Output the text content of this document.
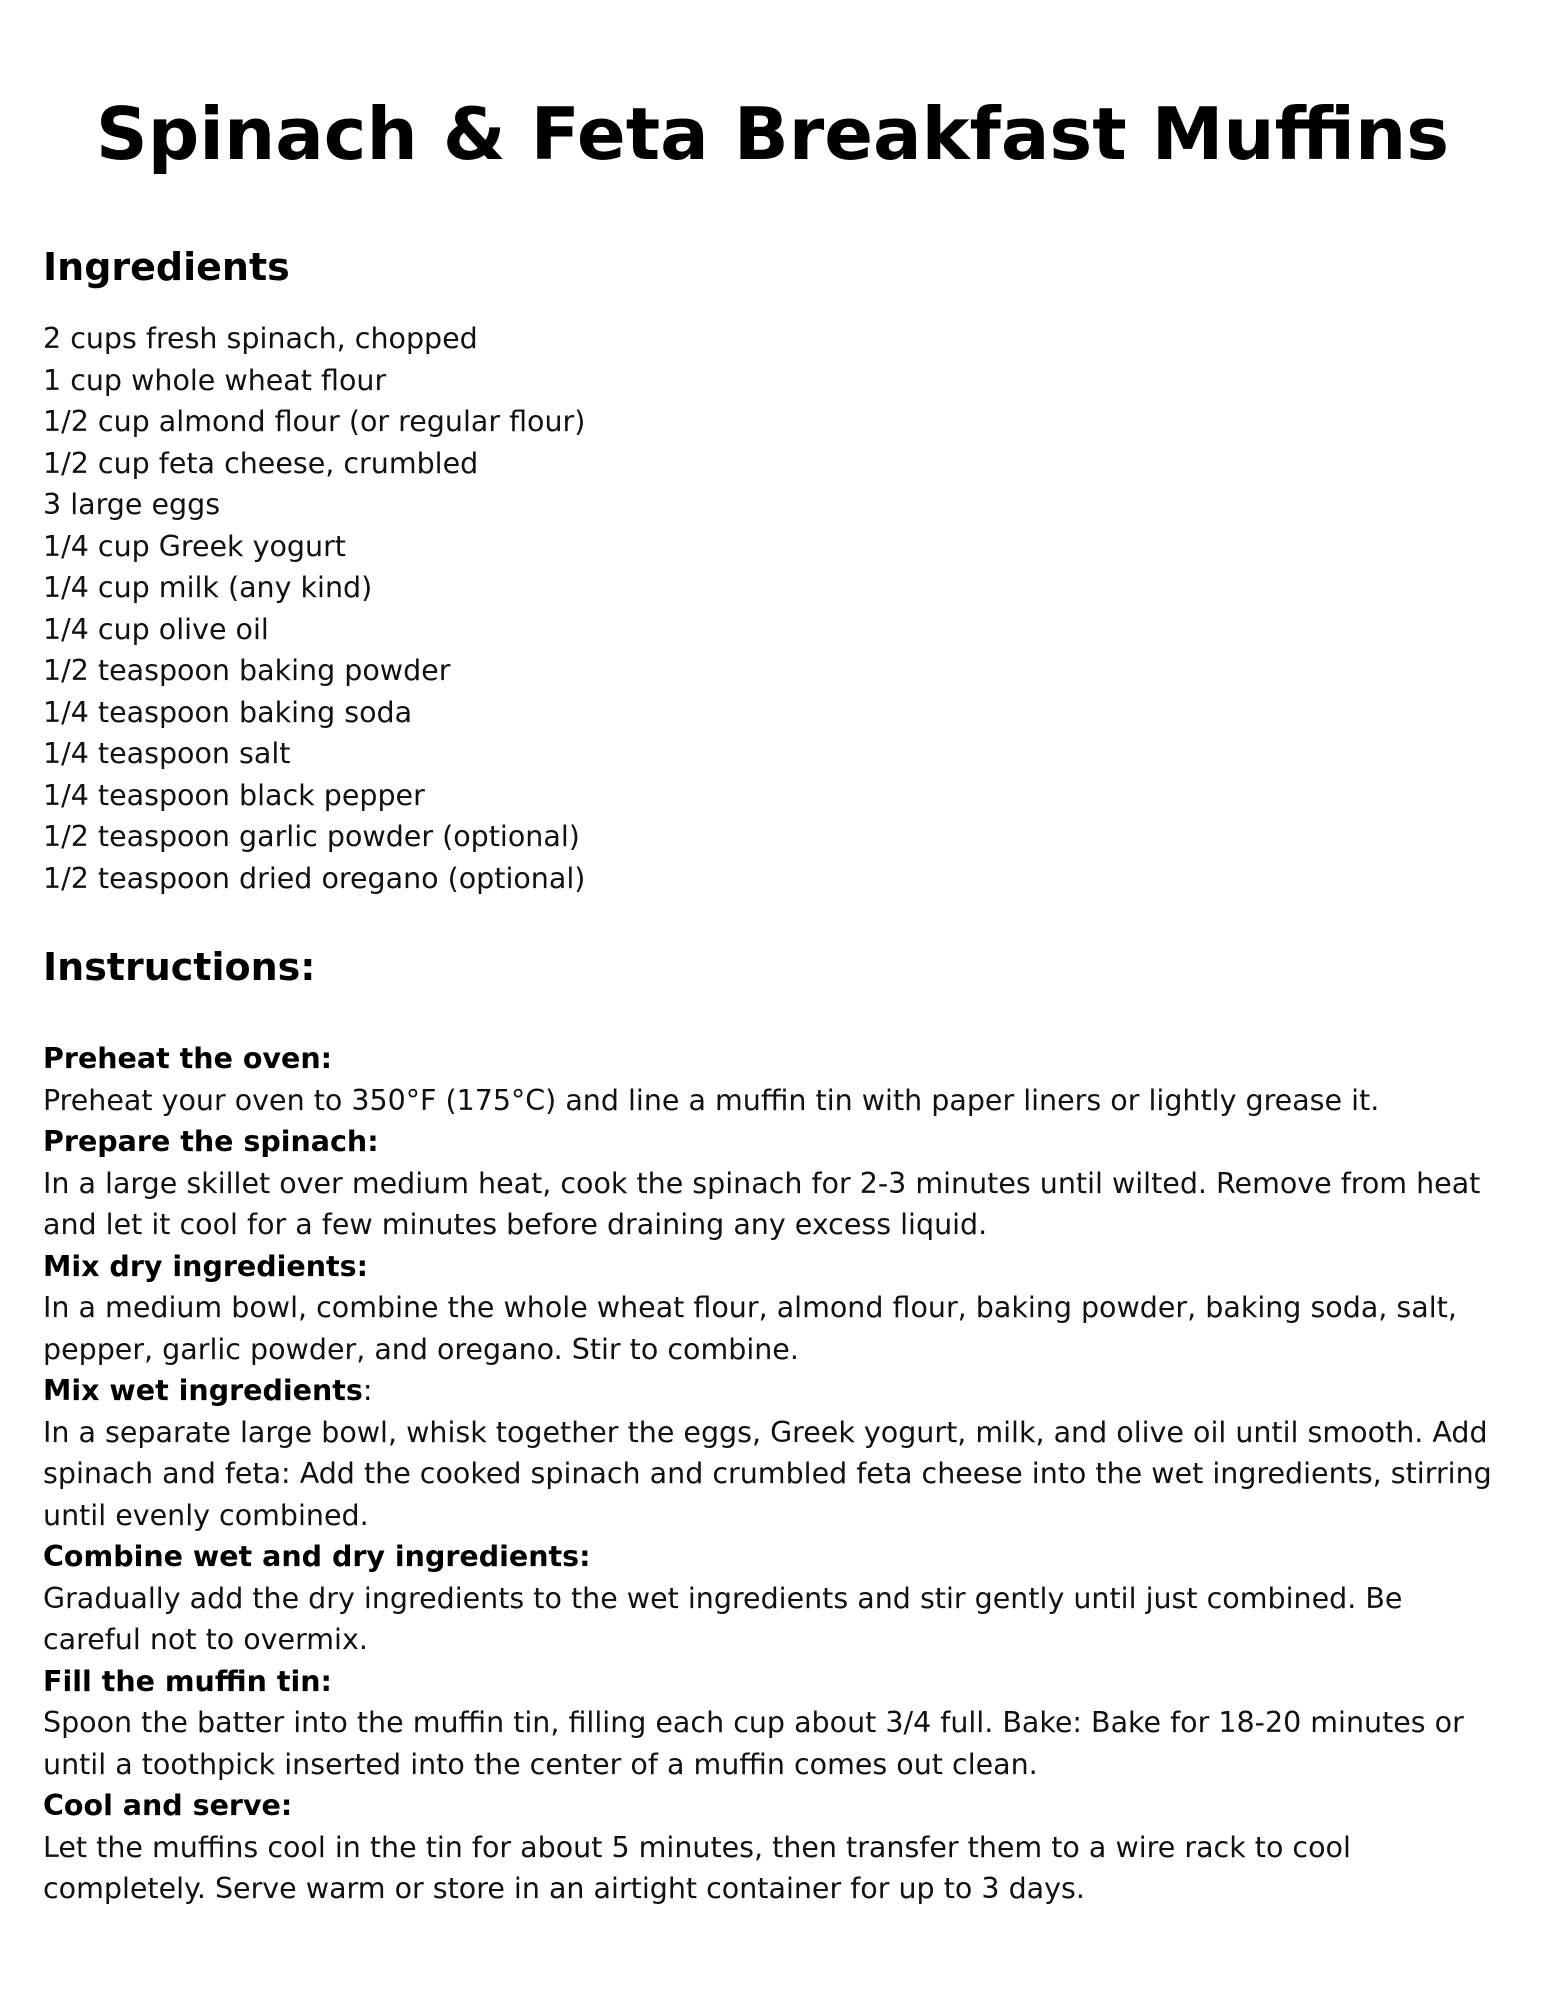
Spinach & Feta Breakfast Muffins
Ingredients
2 cups fresh spinach, chopped
1 cup whole wheat flour
1/2 cup almond flour (or regular flour)
1/2 cup feta cheese, crumbled
3 large eggs
1/4 cup Greek yogurt
1/4 cup milk (any kind)
1/4 cup olive oil
1/2 teaspoon baking powder
1/4 teaspoon baking soda
1/4 teaspoon salt
1/4 teaspoon black pepper
1/2 teaspoon garlic powder (optional)
1/2 teaspoon dried oregano (optional)
Instructions:
Preheat the oven:

Preheat your oven to 350°F (175°C) and line a muffin tin with paper liners or lightly grease it.

Prepare the spinach:

In a large skillet over medium heat, cook the spinach for 2-3 minutes until wilted. Remove from heat and let it cool for a few minutes before draining any excess liquid.

Mix dry ingredients:

In a medium bowl, combine the whole wheat flour, almond flour, baking powder, baking soda, salt, pepper, garlic powder, and oregano. Stir to combine.

Mix wet ingredients:

In a separate large bowl, whisk together the eggs, Greek yogurt, milk, and olive oil until smooth. Add spinach and feta: Add the cooked spinach and crumbled feta cheese into the wet ingredients, stirring until evenly combined.

Combine wet and dry ingredients:

Gradually add the dry ingredients to the wet ingredients and stir gently until just combined. Be careful not to overmix.

Fill the muffin tin:

Spoon the batter into the muffin tin, filling each cup about 3/4 full. Bake: Bake for 18-20 minutes or until a toothpick inserted into the center of a muffin comes out clean.

Cool and serve:

Let the muffins cool in the tin for about 5 minutes, then transfer them to a wire rack to cool completely. Serve warm or store in an airtight container for up to 3 days.
